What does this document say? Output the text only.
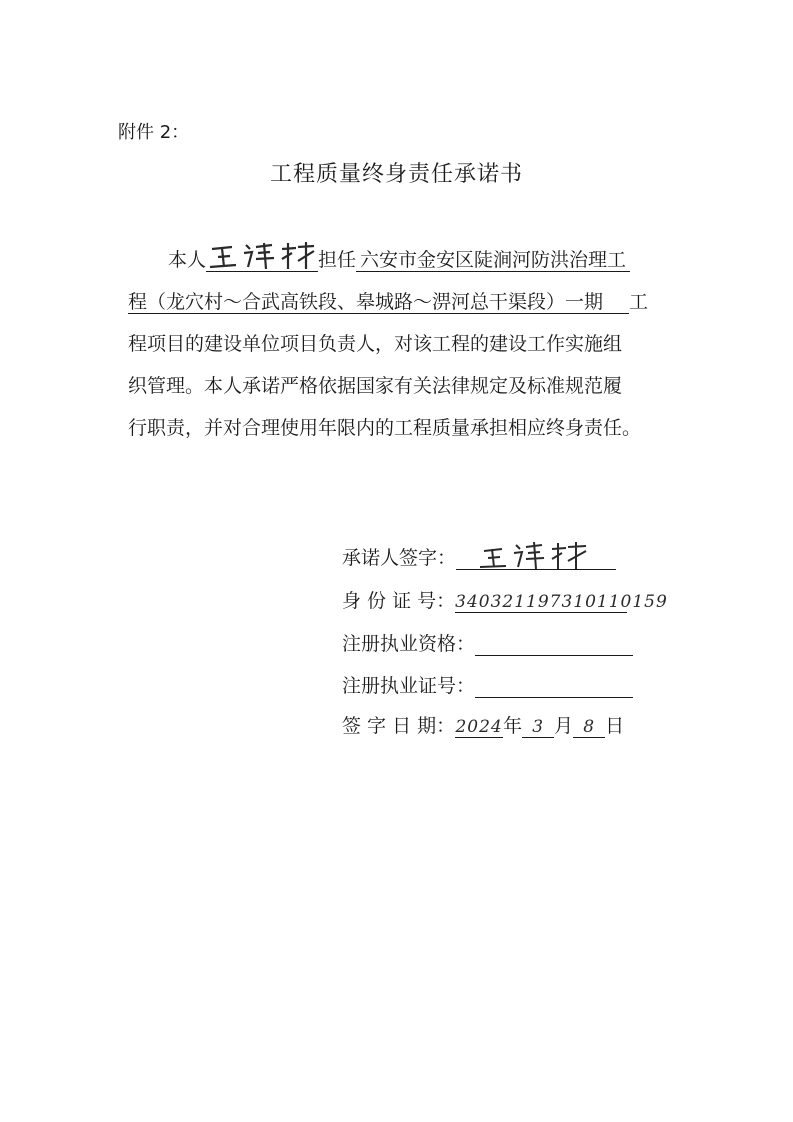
附件 2：
工程质量终身责任承诺书
本人	担任 六安市金安区陡涧河防洪治理工
程（龙穴村～合武高铁段、皋城路～淠河总干渠段）一期 工
程项目的建设单位项目负责人，对该工程的建设工作实施组
织管理。本人承诺严格依据国家有关法律规定及标准规范履
行职责，并对合理使用年限内的工程质量承担相应终身责任。
承诺人签字：
身 份 证 号：340321197310110159
注册执业资格：
注册执业证号：
签 字 日 期：2024年 3 月 8 日
